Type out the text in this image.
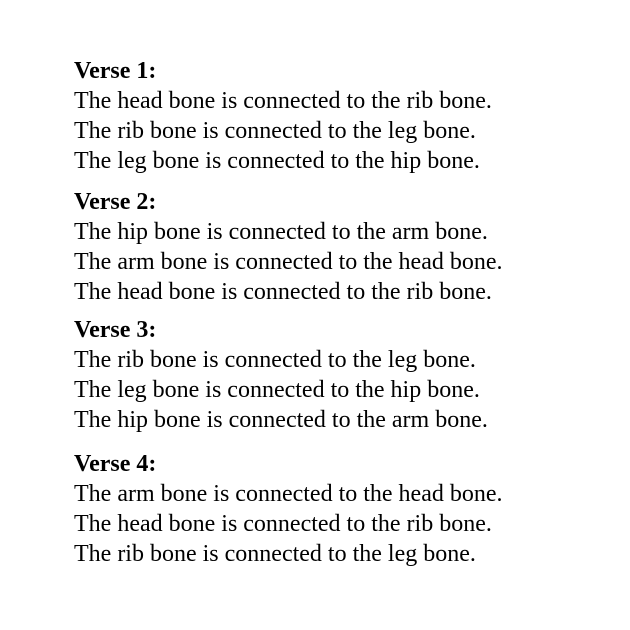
Verse 1:
The head bone is connected to the rib bone.
The rib bone is connected to the leg bone.
The leg bone is connected to the hip bone.
Verse 2:
The hip bone is connected to the arm bone.
The arm bone is connected to the head bone.
The head bone is connected to the rib bone.
Verse 3:
The rib bone is connected to the leg bone.
The leg bone is connected to the hip bone.
The hip bone is connected to the arm bone.
Verse 4:
The arm bone is connected to the head bone.
The head bone is connected to the rib bone.
The rib bone is connected to the leg bone.
